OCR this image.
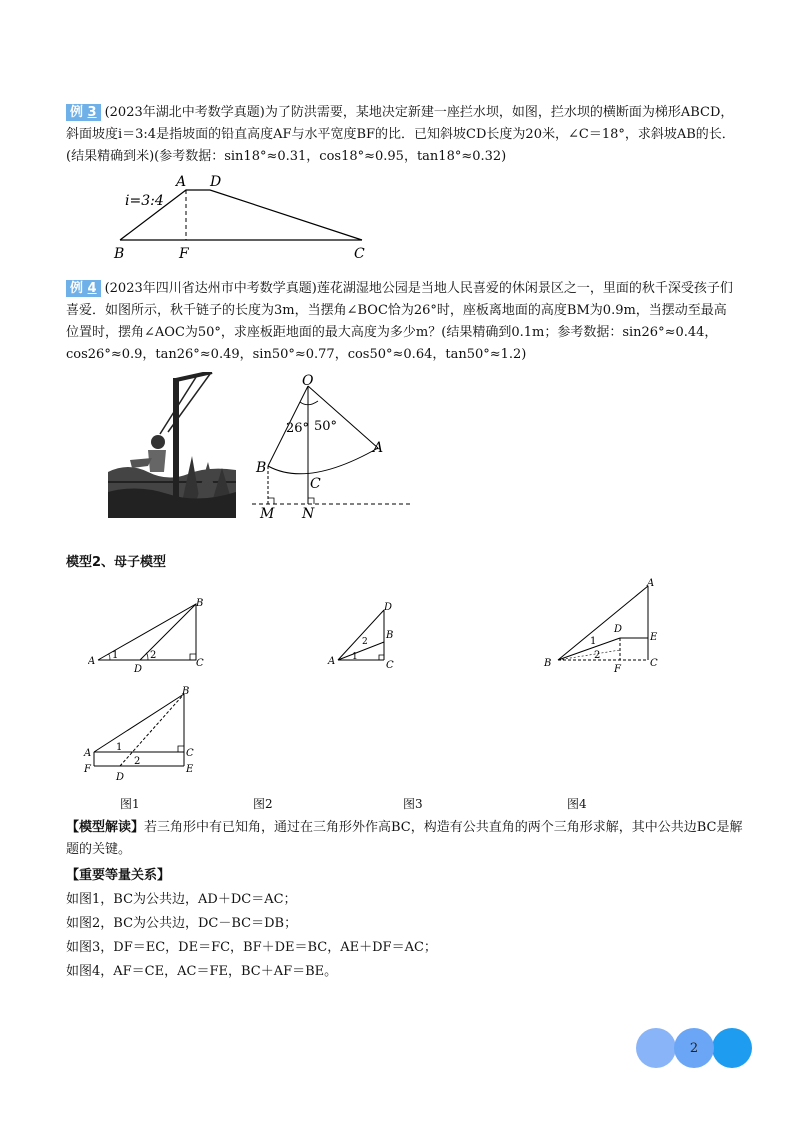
例 3 (2023年湖北中考数学真题)为了防洪需要，某地决定新建一座拦水坝，如图，拦水坝的横断面为梯形ABCD，斜面坡度i＝3:4是指坡面的铅直高度AF与水平宽度BF的比．已知斜坡CD长度为20米，∠C＝18°，求斜坡AB的长．(结果精确到米)(参考数据：sin18°≈0.31，cos18°≈0.95，tan18°≈0.32)
i=3:4
A D
B	F	C
例 4 (2023年四川省达州市中考数学真题)莲花湖湿地公园是当地人民喜爱的休闲景区之一，里面的秋千深受孩子们喜爱．如图所示，秋千链子的长度为3m，当摆角∠BOC恰为26°时，座板离地面的高度BM为0.9m，当摆动至最高位置时，摆角∠AOC为50°，求座板距地面的最大高度为多少m？(结果精确到0.1m；参考数据：sin26°≈0.44，cos26°≈0.9，tan26°≈0.49，sin50°≈0.77，cos50°≈0.64，tan50°≈1.2)
O
A
B
C
M N
26° 50°
模型2、母子模型
A
B
C
D
1	2
A
D
B
C
1
2
B
A
E
C
D
F
1
2
A
B
C
F	E
D
1
2
图1	图2	图3	图4
【模型解读】若三角形中有已知角，通过在三角形外作高BC，构造有公共直角的两个三角形求解，其中公共边BC是解题的关键。
【重要等量关系】
如图1，BC为公共边，AD＋DC＝AC；
如图2，BC为公共边，DC－BC＝DB；
如图3，DF＝EC，DE＝FC，BF＋DE＝BC，AE＋DF＝AC；
如图4，AF＝CE，AC＝FE，BC＋AF＝BE。
2
